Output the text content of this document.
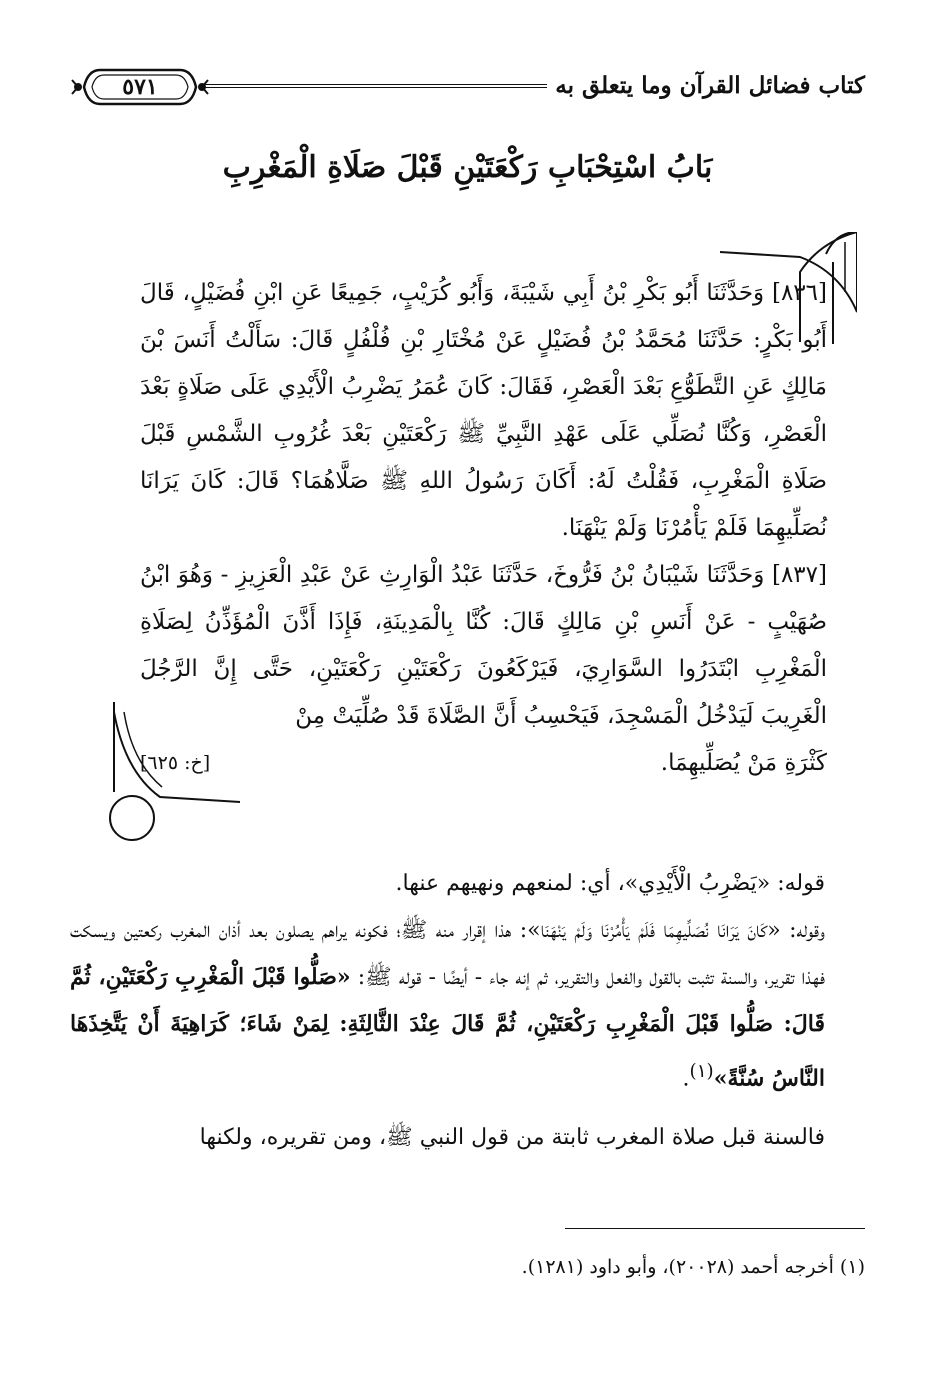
كتاب فضائل القرآن وما يتعلق به
٥٧١
بَابُ اسْتِحْبَابِ رَكْعَتَيْنِ قَبْلَ صَلَاةِ الْمَغْرِبِ

[٨٣٦] وَحَدَّثَنَا أَبُو بَكْرِ بْنُ أَبِي شَيْبَةَ، وَأَبُو كُرَيْبٍ، جَمِيعًا عَنِ ابْنِ فُضَيْلٍ، قَالَ أَبُو بَكْرٍ: حَدَّثَنَا مُحَمَّدُ بْنُ فُضَيْلٍ عَنْ مُخْتَارِ بْنِ فُلْفُلٍ قَالَ: سَأَلْتُ أَنَسَ بْنَ مَالِكٍ عَنِ التَّطَوُّعِ بَعْدَ الْعَصْرِ، فَقَالَ: كَانَ عُمَرُ يَضْرِبُ الْأَيْدِي عَلَى صَلَاةٍ بَعْدَ الْعَصْرِ، وَكُنَّا نُصَلِّي عَلَى عَهْدِ النَّبِيِّ ﷺ رَكْعَتَيْنِ بَعْدَ غُرُوبِ الشَّمْسِ قَبْلَ صَلَاةِ الْمَغْرِبِ، فَقُلْتُ لَهُ: أَكَانَ رَسُولُ اللهِ ﷺ صَلَّاهُمَا؟ قَالَ: كَانَ يَرَانَا نُصَلِّيهِمَا فَلَمْ يَأْمُرْنَا وَلَمْ يَنْهَنَا.

[٨٣٧] وَحَدَّثَنَا شَيْبَانُ بْنُ فَرُّوخَ، حَدَّثَنَا عَبْدُ الْوَارِثِ عَنْ عَبْدِ الْعَزِيزِ - وَهُوَ ابْنُ صُهَيْبٍ - عَنْ أَنَسِ بْنِ مَالِكٍ قَالَ: كُنَّا بِالْمَدِينَةِ، فَإِذَا أَذَّنَ الْمُؤَذِّنُ لِصَلَاةِ الْمَغْرِبِ ابْتَدَرُوا السَّوَارِيَ، فَيَرْكَعُونَ رَكْعَتَيْنِ رَكْعَتَيْنِ، حَتَّى إِنَّ الرَّجُلَ الْغَرِيبَ لَيَدْخُلُ الْمَسْجِدَ، فَيَحْسِبُ أَنَّ الصَّلَاةَ قَدْ صُلِّيَتْ مِنْ

كَثْرَةِ مَنْ يُصَلِّيهِمَا.
[خ: ٦٢٥]

قوله: «يَضْرِبُ الْأَيْدِي»، أي: لمنعهم ونهيهم عنها.

وقوله: «كَانَ يَرَانَا نُصَلِّيهِمَا فَلَمْ يَأْمُرْنَا وَلَمْ يَنْهَنَا»: هذا إقرار منه ﷺ؛ فكونه يراهم يصلون بعد أذان المغرب ركعتين ويسكت فهذا تقرير، والسنة تثبت بالقول والفعل والتقرير، ثم إنه جاء - أيضًا - قوله ﷺ: «صَلُّوا قَبْلَ الْمَغْرِبِ رَكْعَتَيْنِ، ثُمَّ قَالَ: صَلُّوا قَبْلَ الْمَغْرِبِ رَكْعَتَيْنِ، ثُمَّ قَالَ عِنْدَ الثَّالِثَةِ: لِمَنْ شَاءَ؛ كَرَاهِيَةَ أَنْ يَتَّخِذَهَا النَّاسُ سُنَّةً»$^{(١)}$.

فالسنة قبل صلاة المغرب ثابتة من قول النبي ﷺ، ومن تقريره، ولكنها

(١) أخرجه أحمد (٢٠٠٢٨)، وأبو داود (١٢٨١).
